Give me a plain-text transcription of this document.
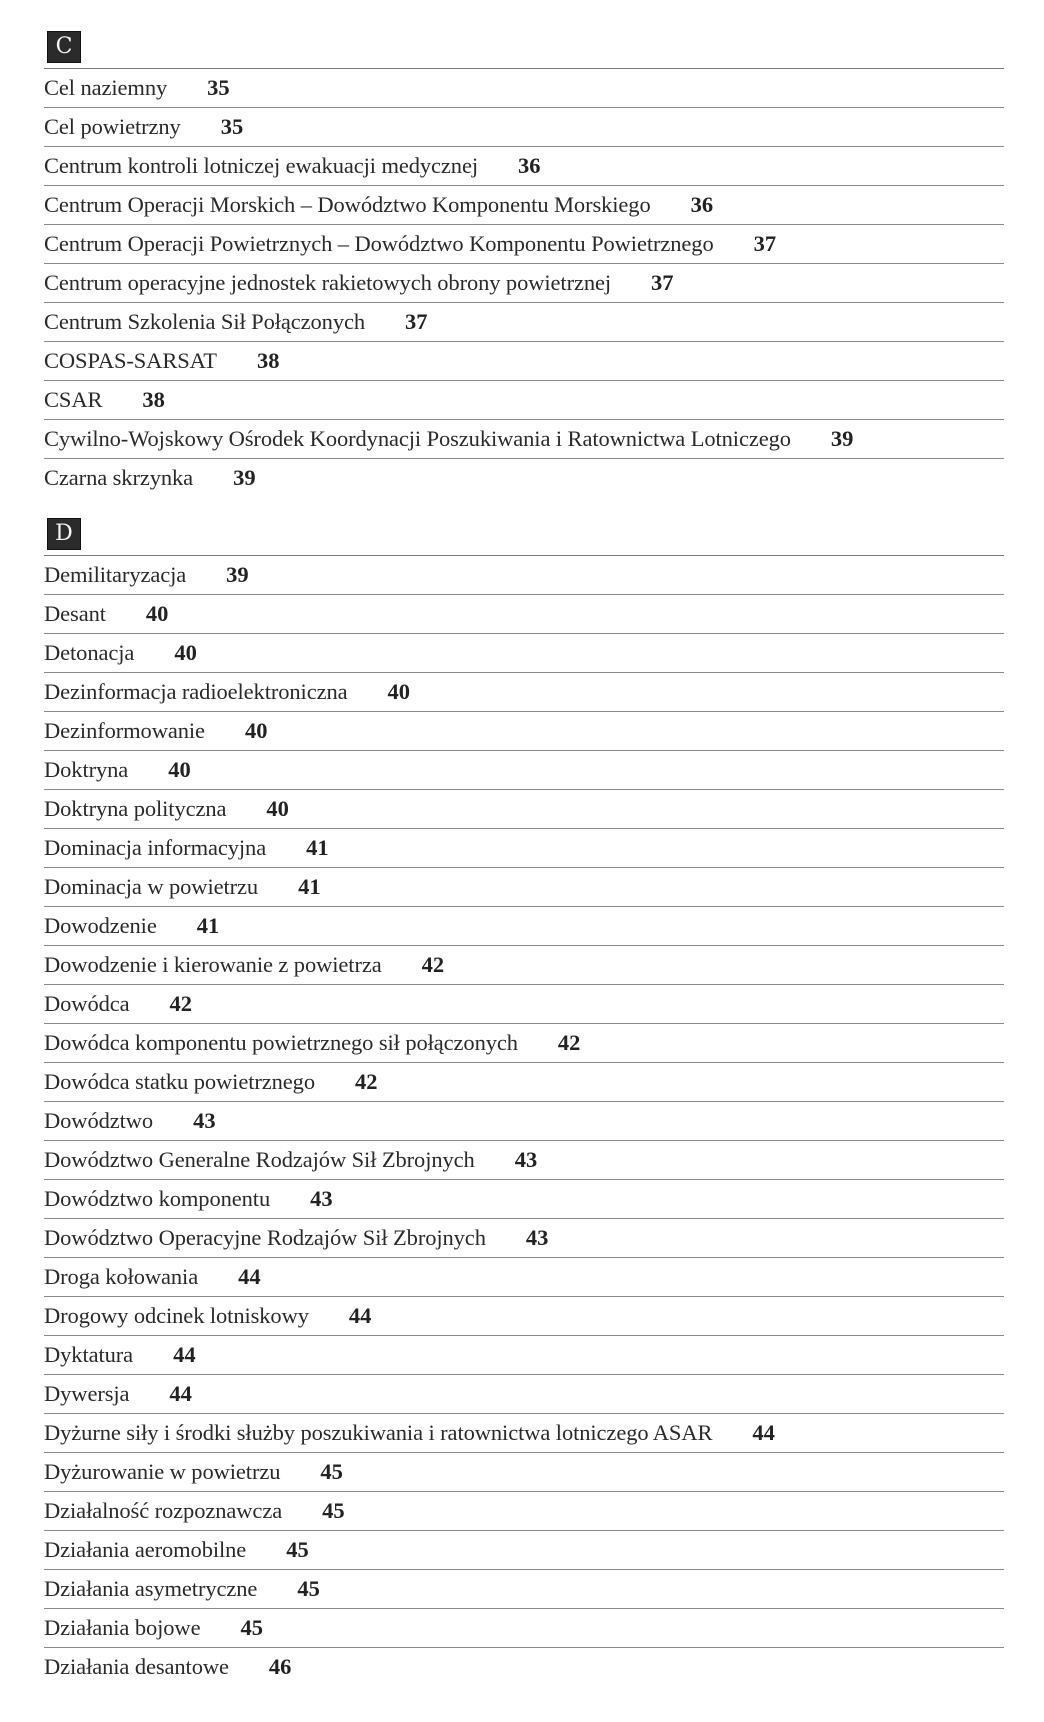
C
Cel naziemny 35
Cel powietrzny 35
Centrum kontroli lotniczej ewakuacji medycznej 36
Centrum Operacji Morskich – Dowództwo Komponentu Morskiego 36
Centrum Operacji Powietrznych – Dowództwo Komponentu Powietrznego 37
Centrum operacyjne jednostek rakietowych obrony powietrznej 37
Centrum Szkolenia Sił Połączonych 37
COSPAS-SARSAT 38
CSAR 38
Cywilno-Wojskowy Ośrodek Koordynacji Poszukiwania i Ratownictwa Lotniczego 39
Czarna skrzynka 39
D
Demilitaryzacja 39
Desant 40
Detonacja 40
Dezinformacja radioelektroniczna 40
Dezinformowanie 40
Doktryna 40
Doktryna polityczna 40
Dominacja informacyjna 41
Dominacja w powietrzu 41
Dowodzenie 41
Dowodzenie i kierowanie z powietrza 42
Dowódca 42
Dowódca komponentu powietrznego sił połączonych 42
Dowódca statku powietrznego 42
Dowództwo 43
Dowództwo Generalne Rodzajów Sił Zbrojnych 43
Dowództwo komponentu 43
Dowództwo Operacyjne Rodzajów Sił Zbrojnych 43
Droga kołowania 44
Drogowy odcinek lotniskowy 44
Dyktatura 44
Dywersja 44
Dyżurne siły i środki służby poszukiwania i ratownictwa lotniczego ASAR 44
Dyżurowanie w powietrzu 45
Działalność rozpoznawcza 45
Działania aeromobilne 45
Działania asymetryczne 45
Działania bojowe 45
Działania desantowe 46
